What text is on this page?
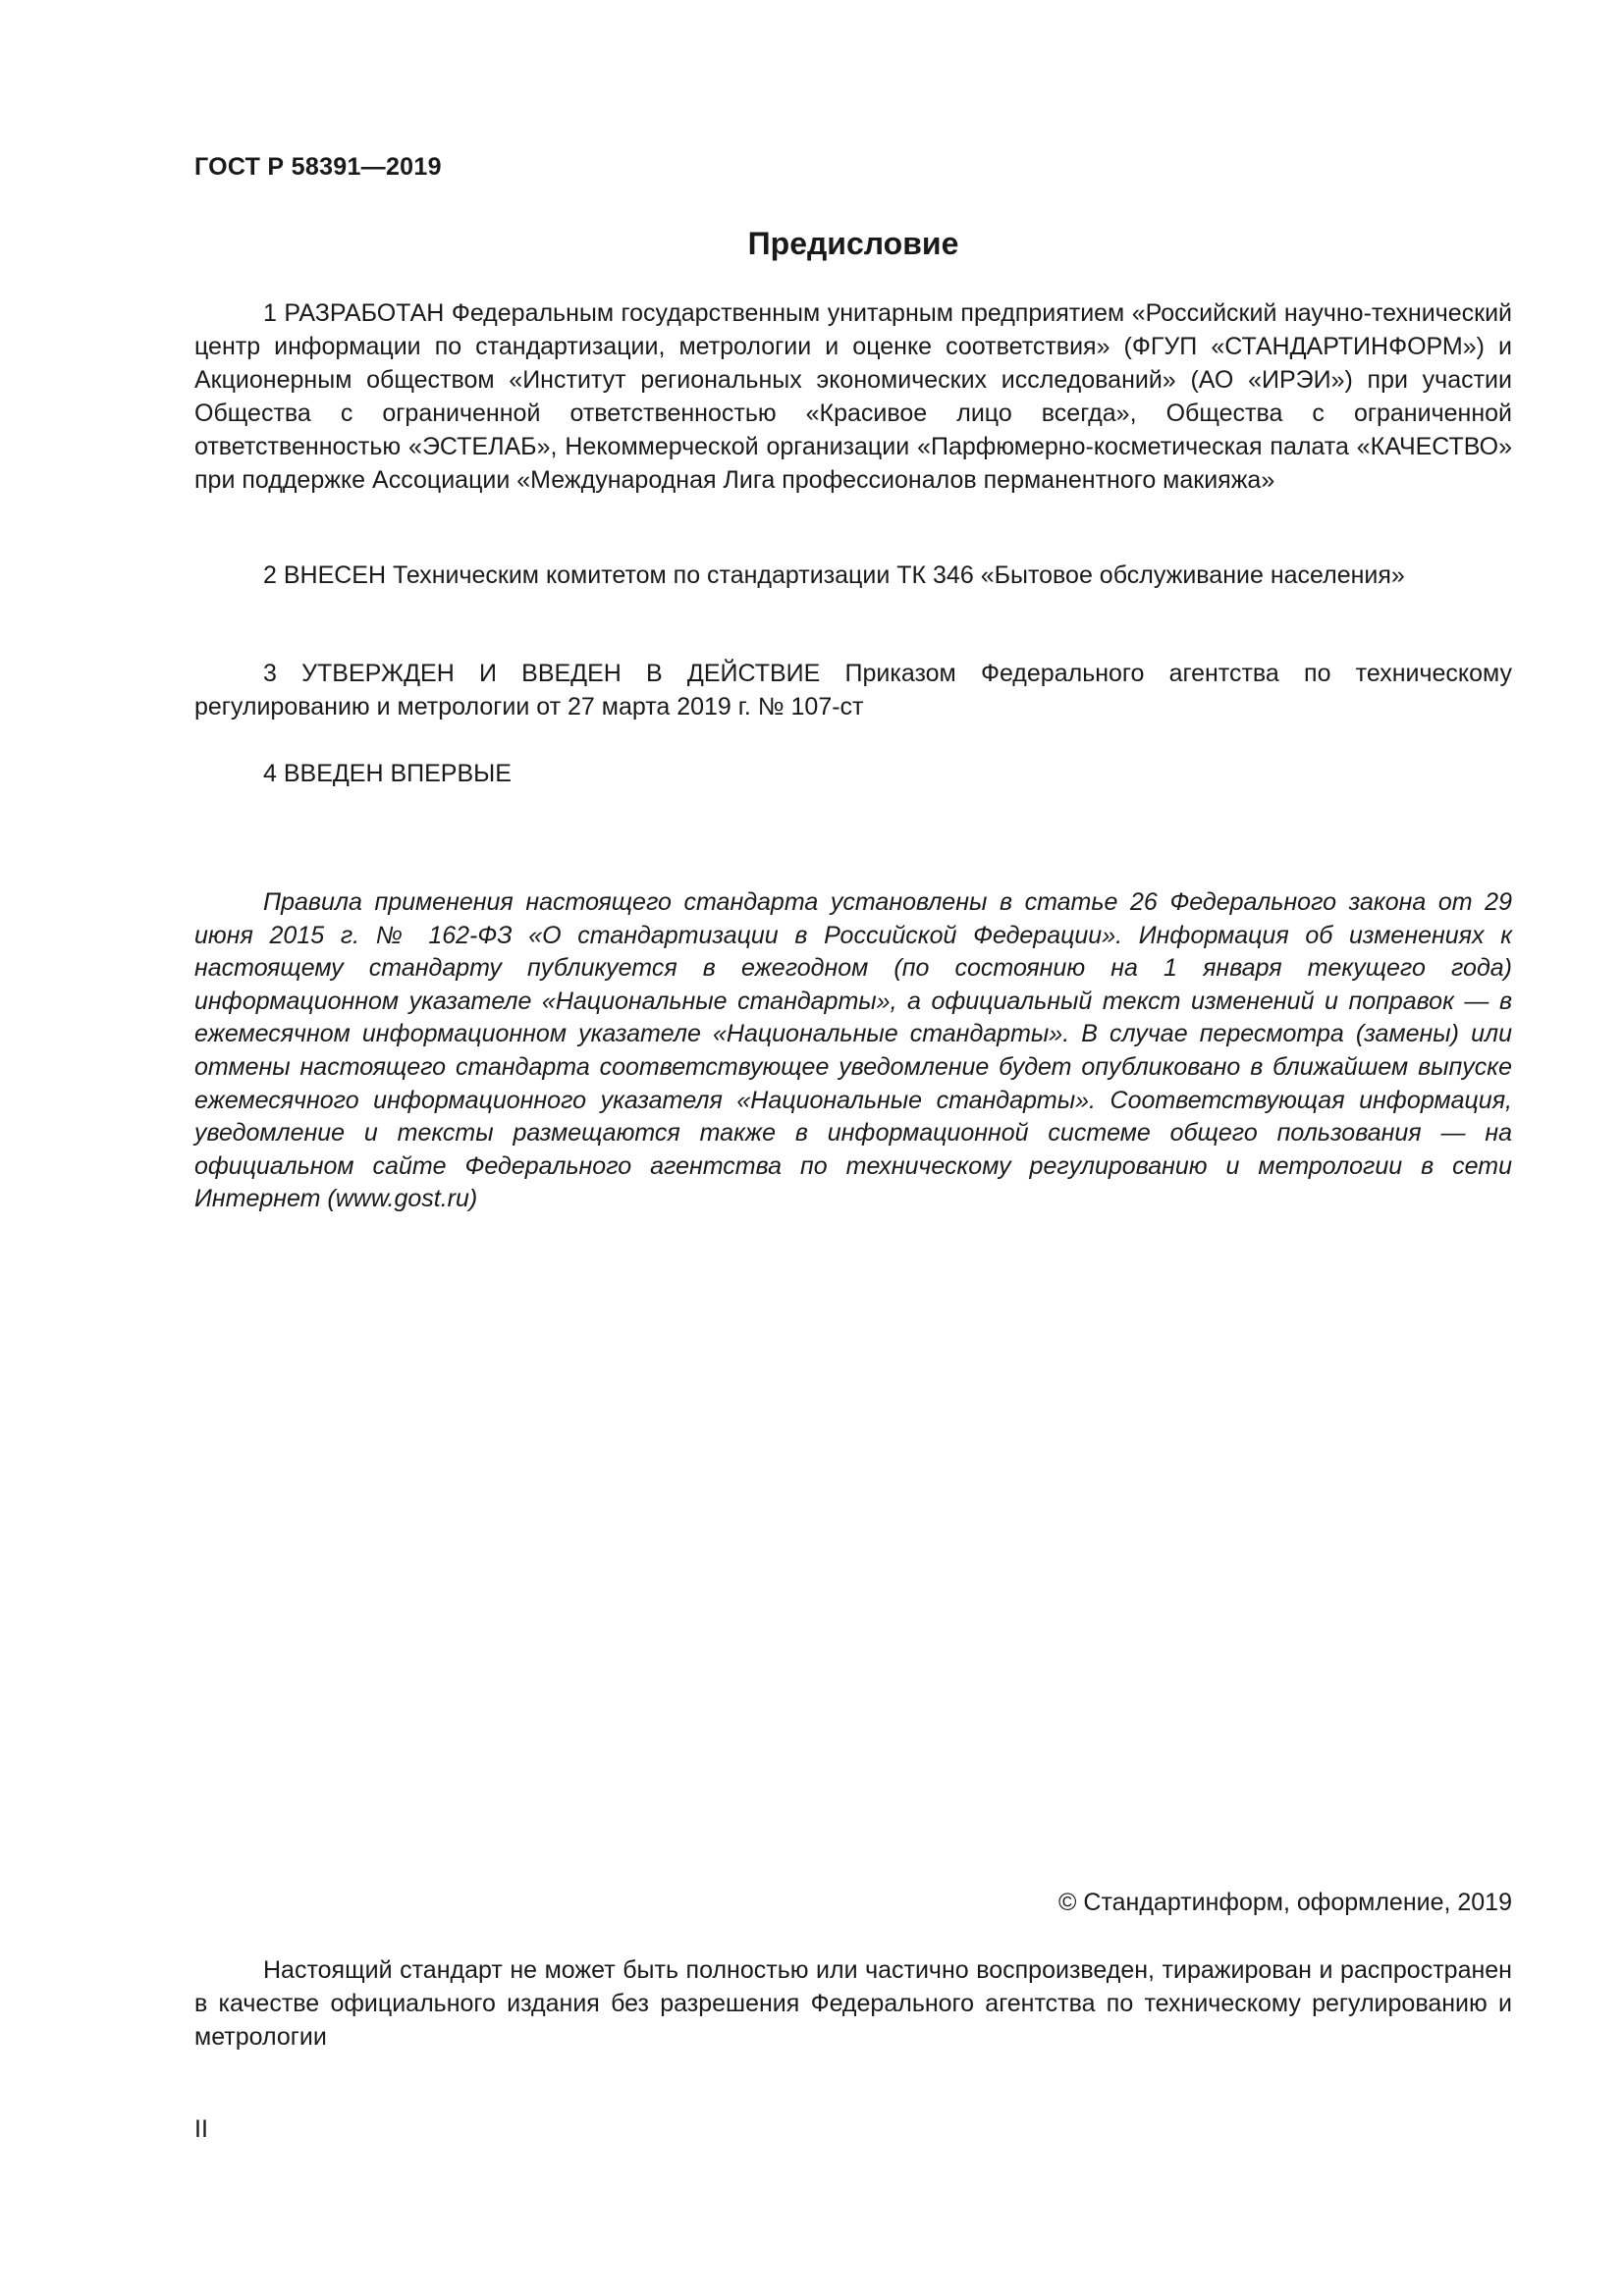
ГОСТ Р 58391—2019
Предисловие

1 РАЗРАБОТАН Федеральным государственным унитарным предприятием «Российский научно-технический центр информации по стандартизации, метрологии и оценке соответствия» (ФГУП «СТАНДАРТИНФОРМ») и Акционерным обществом «Институт региональных экономических исследований» (АО «ИРЭИ») при участии Общества с ограниченной ответственностью «Красивое лицо всегда», Общества с ограниченной ответственностью «ЭСТЕЛАБ», Некоммерческой организации «Парфюмерно-косметическая палата «КАЧЕСТВО» при поддержке Ассоциации «Международная Лига профессионалов перманентного макияжа»

2 ВНЕСЕН Техническим комитетом по стандартизации ТК 346 «Бытовое обслуживание населения»

3 УТВЕРЖДЕН И ВВЕДЕН В ДЕЙСТВИЕ Приказом Федерального агентства по техническому регулированию и метрологии от 27 марта 2019 г. № 107-ст

4 ВВЕДЕН ВПЕРВЫЕ

Правила применения настоящего стандарта установлены в статье 26 Федерального закона от 29 июня 2015 г. № 162-ФЗ «О стандартизации в Российской Федерации». Информация об изменениях к настоящему стандарту публикуется в ежегодном (по состоянию на 1 января текущего года) информационном указателе «Национальные стандарты», а официальный текст изменений и поправок — в ежемесячном информационном указателе «Национальные стандарты». В случае пересмотра (замены) или отмены настоящего стандарта соответствующее уведомление будет опубликовано в ближайшем выпуске ежемесячного информационного указателя «Национальные стандарты». Соответствующая информация, уведомление и тексты размещаются также в информационной системе общего пользования — на официальном сайте Федерального агентства по техническому регулированию и метрологии в сети Интернет (www.gost.ru)

© Стандартинформ, оформление, 2019

Настоящий стандарт не может быть полностью или частично воспроизведен, тиражирован и распространен в качестве официального издания без разрешения Федерального агентства по техническому регулированию и метрологии

II
